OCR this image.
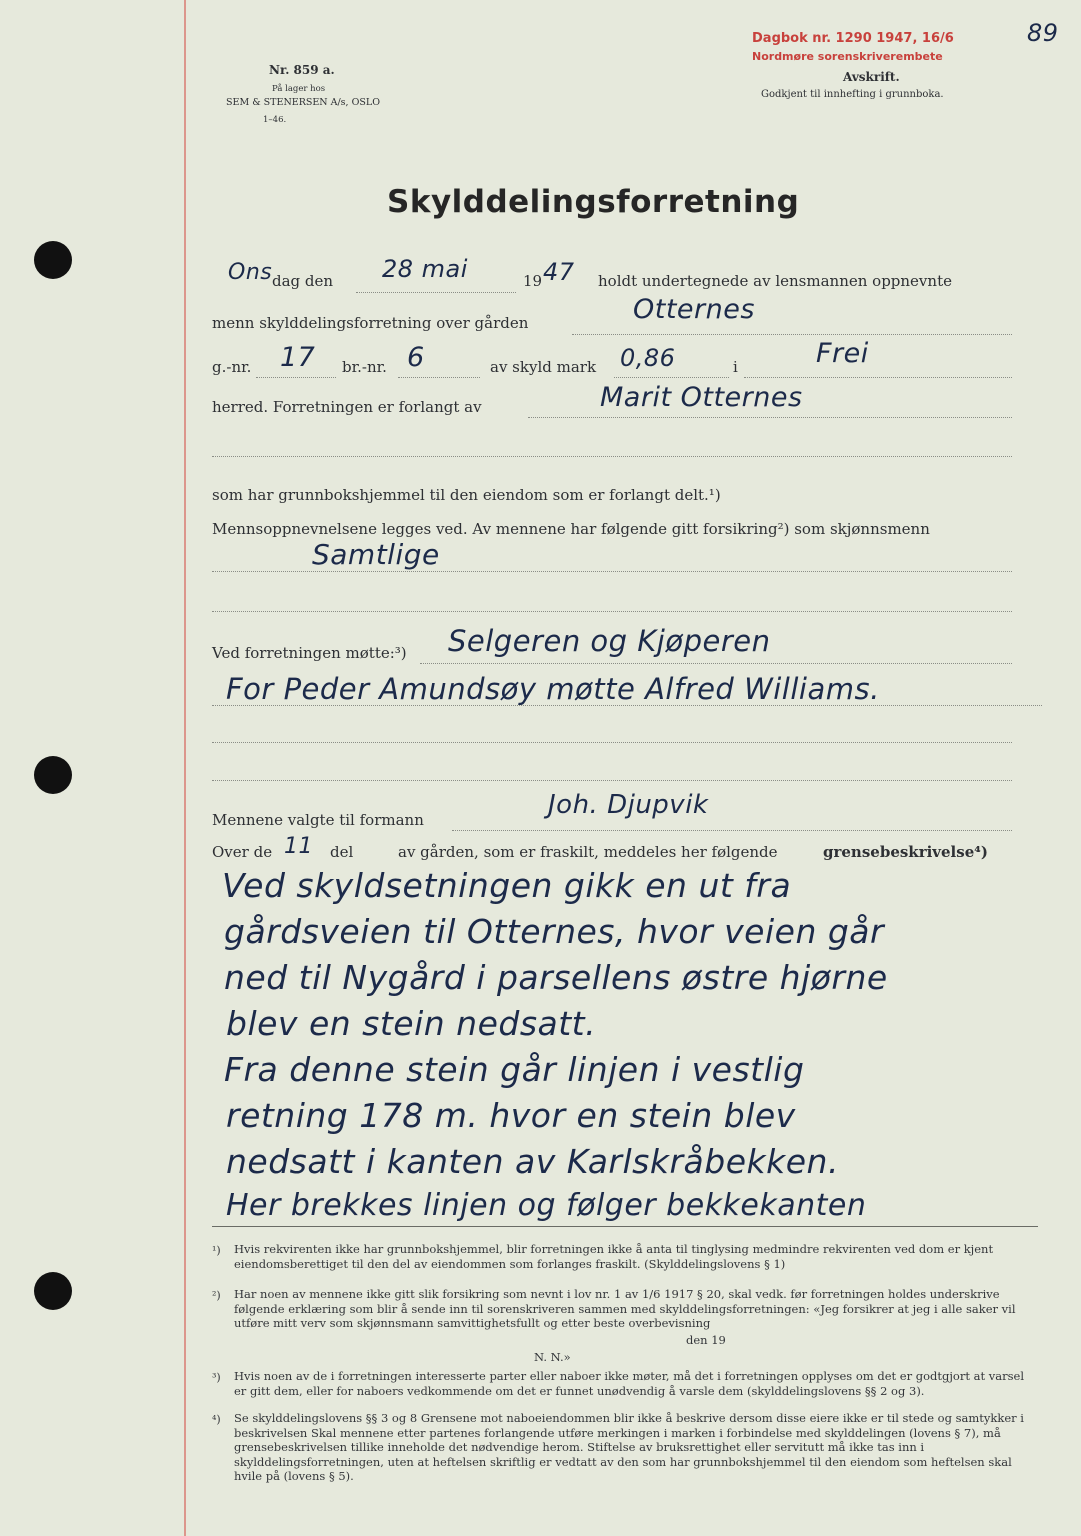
Nr. 859 a.
På lager hos
SEM & STENERSEN A/s, OSLO
1–46.
Dagbok nr. 1290 1947, 16/6
Nordmøre sorenskriverembete
89
Avskrift.
Godkjent til innhefting i grunnboka.
Skylddelingsforretning
Ons dag den 28 mai	19 47 holdt undertegnede av lensmannen oppnevnte
menn skylddelingsforretning over gården	Otternes
g.-nr. 17 br.-nr. 6	av skyld mark 0,86	i	Frei
herred. Forretningen er forlangt av	Marit Otternes
som har grunnbokshjemmel til den eiendom som er forlangt delt.¹)
Mennsoppnevnelsene legges ved. Av mennene har følgende gitt forsikring²) som skjønnsmenn
Samtlige
Ved forretningen møtte:³) Selgeren og Kjøperen
For Peder Amundsøy møtte Alfred Williams.
Mennene valgte til formann	Joh. Djupvik
Over de 11 del	av gården, som er fraskilt, meddeles her følgende	grensebeskrivelse⁴)
Ved skyldsetningen gikk en ut fra
gårdsveien til Otternes, hvor veien går
ned til Nygård i parsellens østre hjørne
blev en stein nedsatt.
Fra denne stein går linjen i vestlig
retning 178 m. hvor en stein blev
nedsatt i kanten av Karlskråbekken.
Her brekkes linjen og følger bekkekanten
¹) Hvis rekvirenten ikke har grunnbokshjemmel, blir forretningen ikke å anta til tinglysing medmindre rekvirenten ved dom er kjent eiendomsberettiget til den del av eiendommen som forlanges fraskilt. (Skylddelingslovens § 1)
²) Har noen av mennene ikke gitt slik forsikring som nevnt i lov nr. 1 av 1/6 1917 § 20, skal vedk. før forretningen holdes underskrive følgende erklæring som blir å sende inn til sorenskriveren sammen med skylddelingsforretningen: «Jeg forsikrer at jeg i alle saker vil utføre mitt verv som skjønnsmann samvittighetsfullt og etter beste overbevisning
den 19
N. N.»
³) Hvis noen av de i forretningen interesserte parter eller naboer ikke møter, må det i forretningen opplyses om det er godtgjort at varsel er gitt dem, eller for naboers vedkommende om det er funnet unødvendig å varsle dem (skylddelingslovens §§ 2 og 3).
⁴) Se skylddelingslovens §§ 3 og 8 Grensene mot naboeiendommen blir ikke å beskrive dersom disse eiere ikke er til stede og samtykker i beskrivelsen Skal mennene etter partenes forlangende utføre merkingen i marken i forbindelse med skylddelingen (lovens § 7), må grensebeskrivelsen tillike inneholde det nødvendige herom. Stiftelse av bruksrettighet eller servitutt må ikke tas inn i skylddelingsforretningen, uten at heftelsen skriftlig er vedtatt av den som har grunnbokshjemmel til den eiendom som heftelsen skal hvile på (lovens § 5).
